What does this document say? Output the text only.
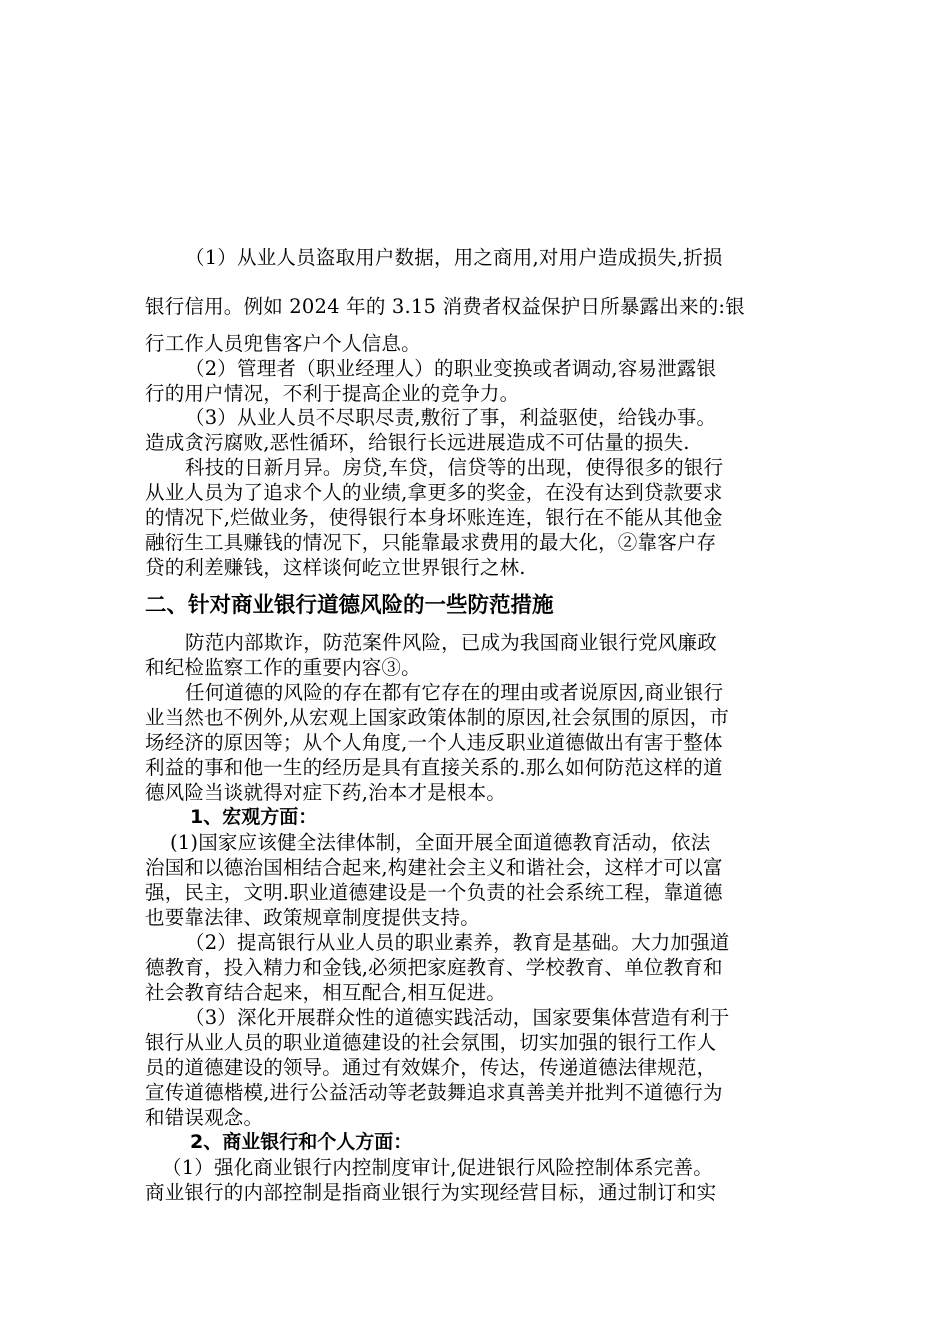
（1）从业人员盗取用户数据，用之商用,对用户造成损失,折损
银行信用。例如 2024 年的 3.15 消费者权益保护日所暴露出来的:银
行工作人员兜售客户个人信息。
（2）管理者（职业经理人）的职业变换或者调动,容易泄露银
行的用户情况，不利于提高企业的竞争力。
（3）从业人员不尽职尽责,敷衍了事，利益驱使，给钱办事。
造成贪污腐败,恶性循环，给银行长远进展造成不可估量的损失.
科技的日新月异。房贷,车贷，信贷等的出现，使得很多的银行
从业人员为了追求个人的业绩,拿更多的奖金，在没有达到贷款要求
的情况下,烂做业务，使得银行本身坏账连连，银行在不能从其他金
融衍生工具赚钱的情况下，只能靠最求费用的最大化，②靠客户存
贷的利差赚钱，这样谈何屹立世界银行之林.
二、针对商业银行道德风险的一些防范措施
防范内部欺诈，防范案件风险，已成为我国商业银行党风廉政
和纪检监察工作的重要内容③。
任何道德的风险的存在都有它存在的理由或者说原因,商业银行
业当然也不例外,从宏观上国家政策体制的原因,社会氛围的原因，市
场经济的原因等；从个人角度,一个人违反职业道德做出有害于整体
利益的事和他一生的经历是具有直接关系的.那么如何防范这样的道
德风险当谈就得对症下药,治本才是根本。
1、宏观方面：
(1)国家应该健全法律体制，全面开展全面道德教育活动，依法
治国和以德治国相结合起来,构建社会主义和谐社会，这样才可以富
强，民主，文明.职业道德建设是一个负责的社会系统工程，靠道德
也要靠法律、政策规章制度提供支持。
（2）提高银行从业人员的职业素养，教育是基础。大力加强道
德教育，投入精力和金钱,必须把家庭教育、学校教育、单位教育和
社会教育结合起来，相互配合,相互促进。
（3）深化开展群众性的道德实践活动，国家要集体营造有利于
银行从业人员的职业道德建设的社会氛围，切实加强的银行工作人
员的道德建设的领导。通过有效媒介，传达，传递道德法律规范，
宣传道德楷模,进行公益活动等老鼓舞追求真善美并批判不道德行为
和错误观念。
2、商业银行和个人方面：
（1）强化商业银行内控制度审计,促进银行风险控制体系完善。
商业银行的内部控制是指商业银行为实现经营目标，通过制订和实
